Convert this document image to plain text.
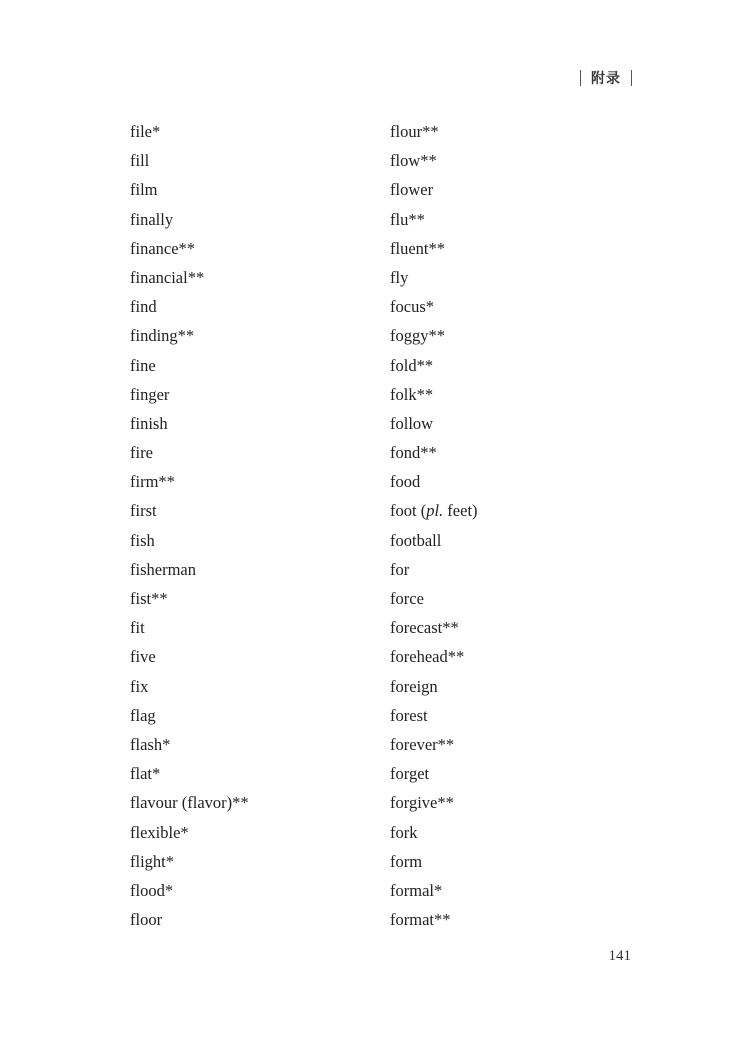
附录
file*
fill
film
finally
finance**
financial**
find
finding**
fine
finger
finish
fire
firm**
first
fish
fisherman
fist**
fit
five
fix
flag
flash*
flat*
flavour (flavor)**
flexible*
flight*
flood*
floor
flour**
flow**
flower
flu**
fluent**
fly
focus*
foggy**
fold**
folk**
follow
fond**
food
foot (pl. feet)
football
for
force
forecast**
forehead**
foreign
forest
forever**
forget
forgive**
fork
form
formal*
format**
141
